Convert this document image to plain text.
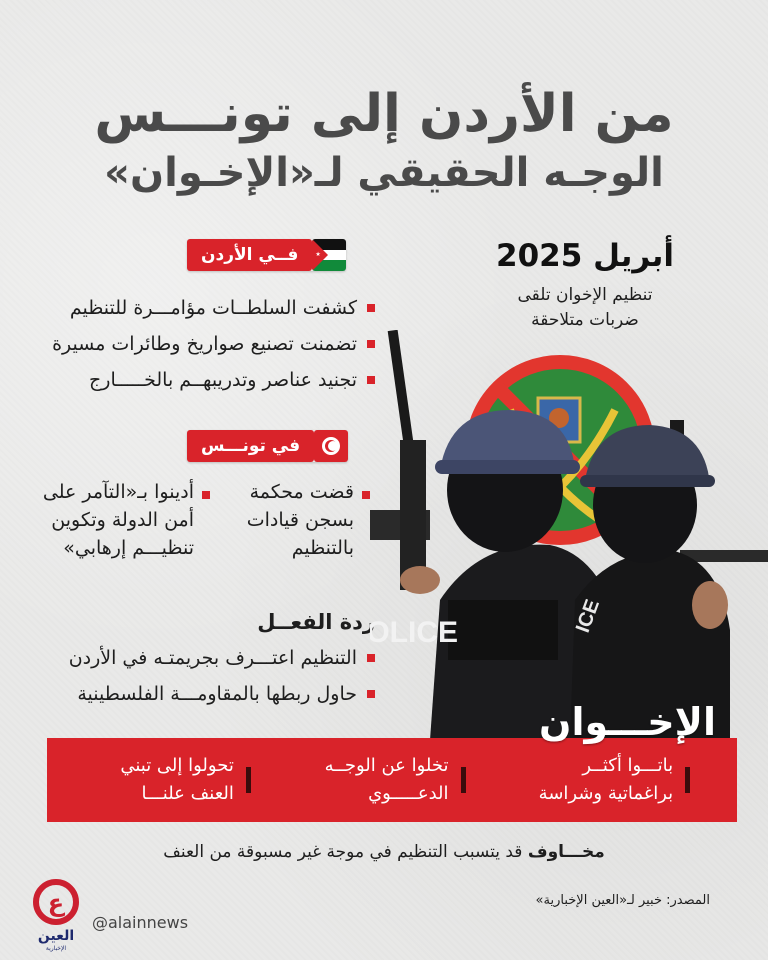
من الأردن إلى تونـــس
الوجـه الحقيقي لـ«الإخـوان»
أبريل 2025
تنظيم الإخوان تلقى
ضربات متلاحقة
فــي الأردن	★
كشفت السلطــات مؤامـــرة للتنظيم
تضمنت تصنيع صواريخ وطائرات مسيرة
تجنيد عناصر وتدريبهــم بالخـــــارج
في تونـــس
قضت محكمة بسجن قيادات بالتنظيم
أدينوا بـ«التآمر على أمن الدولة وتكوين تنظيـــم إرهابي»
ردة الفعــل
التنظيم اعتـــرف بجريمتـه في الأردن
حاول ربطها بالمقاومـــة الفلسطينية
OLICE	ICE
باتـــوا أكثــر براغماتية وشراسة
تخلوا عن الوجــه الدعـــــوي
تحولوا إلى تبني العنف علنـــا
الإخـــوان
مخـــاوف قد يتسبب التنظيم في موجة غير مسبوقة من العنف
المصدر: خبير لـ«العين الإخبارية»
@alainnews
ع
العين
الإخبارية
